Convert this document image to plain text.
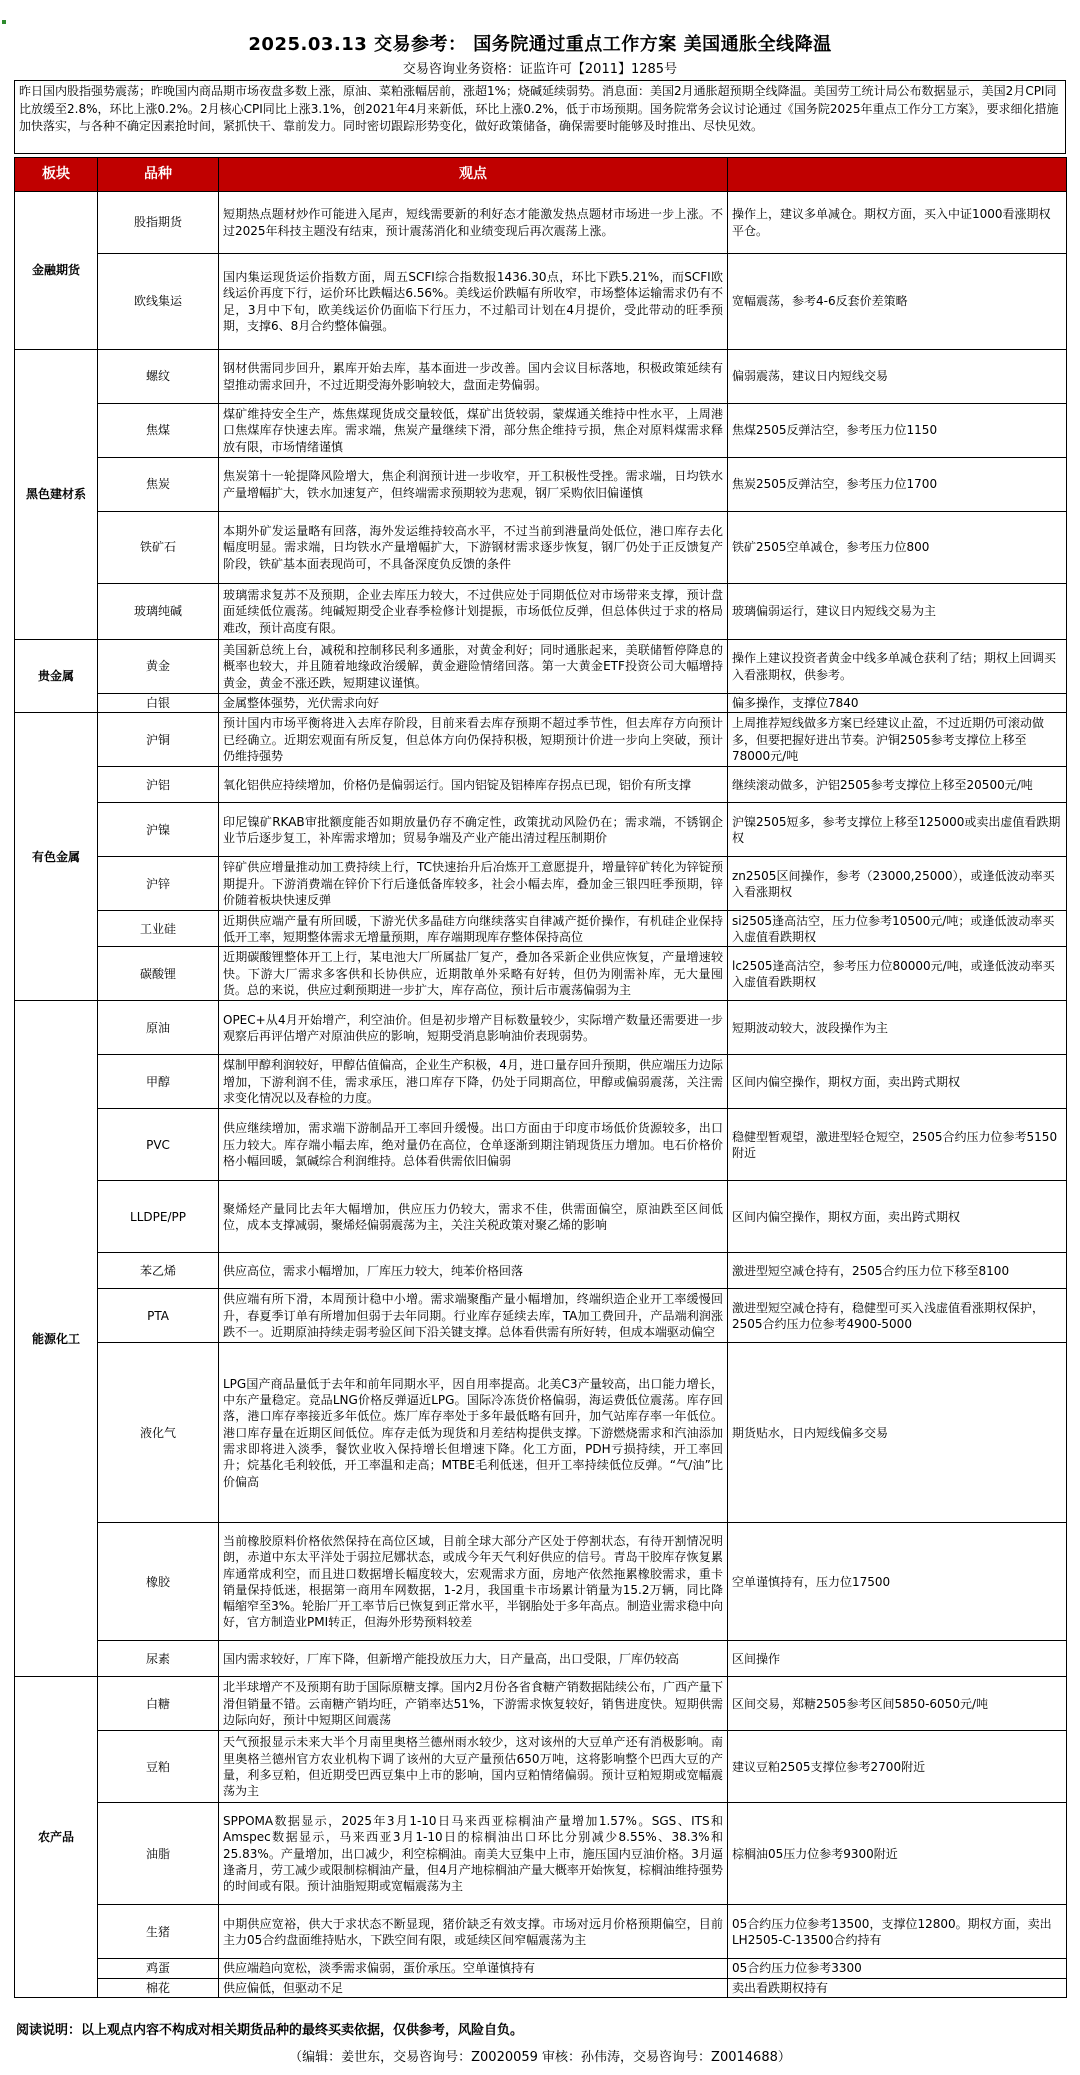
2025.03.13 交易参考： 国务院通过重点工作方案 美国通胀全线降温
交易咨询业务资格：证监许可【2011】1285号
昨日国内股指强势震荡；昨晚国内商品期市场夜盘多数上涨，原油、菜粕涨幅居前，涨超1%；烧碱延续弱势。消息面：美国2月通胀超预期全线降温。美国劳工统计局公布数据显示，美国2月CPI同比放缓至2.8%，环比上涨0.2%。2月核心CPI同比上涨3.1%，创2021年4月来新低，环比上涨0.2%，低于市场预期。国务院常务会议讨论通过《国务院2025年重点工作分工方案》，要求细化措施加快落实，与各种不确定因素抢时间，紧抓快干、靠前发力。同时密切跟踪形势变化，做好政策储备，确保需要时能够及时推出、尽快见效。
板块	品种	观点	
金融期货	股指期货	短期热点题材炒作可能进入尾声，短线需要新的利好态才能激发热点题材市场进一步上涨。不过2025年科技主题没有结束，预计震荡消化和业绩变现后再次震荡上涨。	操作上，建议多单减仓。期权方面，买入中证1000看涨期权平仓。
	欧线集运	国内集运现货运价指数方面，周五SCFI综合指数报1436.30点，环比下跌5.21%，而SCFI欧线运价再度下行，运价环比跌幅达6.56%。美线运价跌幅有所收窄，市场整体运输需求仍有不足，3月中下旬，欧美线运价仍面临下行压力，不过船司计划在4月提价，受此带动的旺季预期，支撑6、8月合约整体偏强。	宽幅震荡，参考4-6反套价差策略
黑色建材系	螺纹	钢材供需同步回升，累库开始去库，基本面进一步改善。国内会议目标落地，积极政策延续有望推动需求回升，不过近期受海外影响较大，盘面走势偏弱。	偏弱震荡，建议日内短线交易
	焦煤	煤矿维持安全生产，炼焦煤现货成交量较低，煤矿出货较弱，蒙煤通关维持中性水平，上周港口焦煤库存快速去库。需求端，焦炭产量继续下滑，部分焦企维持亏损，焦企对原料煤需求释放有限，市场情绪谨慎	焦煤2505反弹沽空，参考压力位1150
	焦炭	焦炭第十一轮提降风险增大，焦企利润预计进一步收窄，开工积极性受挫。需求端，日均铁水产量增幅扩大，铁水加速复产，但终端需求预期较为悲观，钢厂采购依旧偏谨慎	焦炭2505反弹沽空，参考压力位1700
	铁矿石	本期外矿发运量略有回落，海外发运维持较高水平，不过当前到港量尚处低位，港口库存去化幅度明显。需求端，日均铁水产量增幅扩大，下游钢材需求逐步恢复，钢厂仍处于正反馈复产阶段，铁矿基本面表现尚可，不具备深度负反馈的条件	铁矿2505空单减仓，参考压力位800
	玻璃纯碱	玻璃需求复苏不及预期，企业去库压力较大，不过供应处于同期低位对市场带来支撑，预计盘面延续低位震荡。纯碱短期受企业春季检修计划提振，市场低位反弹，但总体供过于求的格局难改，预计高度有限。	玻璃偏弱运行，建议日内短线交易为主
贵金属	黄金	美国新总统上台，减税和控制移民利多通胀，对黄金利好；同时通胀起来，美联储暂停降息的概率也较大，并且随着地缘政治缓解，黄金避险情绪回落。第一大黄金ETF投资公司大幅增持黄金，黄金不涨还跌，短期建议谨慎。	操作上建议投资者黄金中线多单减仓获利了结；期权上回调买入看涨期权，供参考。
	白银	金属整体强势，光伏需求向好	偏多操作，支撑位7840
有色金属	沪铜	预计国内市场平衡将进入去库存阶段，目前来看去库存预期不超过季节性，但去库存方向预计已经确立。近期宏观面有所反复，但总体方向仍保持积极，短期预计价进一步向上突破，预计仍维持强势	上周推荐短线做多方案已经建议止盈，不过近期仍可滚动做多，但要把握好进出节奏。沪铜2505参考支撑位上移至78000元/吨
	沪铝	氧化铝供应持续增加，价格仍是偏弱运行。国内铝锭及铝棒库存拐点已现，铝价有所支撑	继续滚动做多，沪铝2505参考支撑位上移至20500元/吨
	沪镍	印尼镍矿RKAB审批额度能否如期放量仍存不确定性，政策扰动风险仍在；需求端，不锈钢企业节后逐步复工，补库需求增加；贸易争端及产业产能出清过程压制期价	沪镍2505短多，参考支撑位上移至125000或卖出虚值看跌期权
	沪锌	锌矿供应增量推动加工费持续上行，TC快速抬升后冶炼开工意愿提升，增量锌矿转化为锌锭预期提升。下游消费端在锌价下行后逢低备库较多，社会小幅去库，叠加金三银四旺季预期，锌价随着板块快速反弹	zn2505区间操作，参考（23000,25000），或逢低波动率买入看涨期权
	工业硅	近期供应端产量有所回暖，下游光伏多晶硅方向继续落实自律减产挺价操作，有机硅企业保持低开工率，短期整体需求无增量预期，库存端期现库存整体保持高位	si2505逢高沽空，压力位参考10500元/吨；或逢低波动率买入虚值看跌期权
	碳酸锂	近期碳酸锂整体开工上行，某电池大厂所属盐厂复产，叠加各采新企业供应恢复，产量增速较快。下游大厂需求多客供和长协供应，近期散单外采略有好转，但仍为刚需补库，无大量囤货。总的来说，供应过剩预期进一步扩大，库存高位，预计后市震荡偏弱为主	lc2505逢高沽空，参考压力位80000元/吨，或逢低波动率买入虚值看跌期权
能源化工	原油	OPEC+从4月开始增产，利空油价。但是初步增产目标数量较少，实际增产数量还需要进一步观察后再评估增产对原油供应的影响，短期受消息影响油价表现弱势。	短期波动较大，波段操作为主
	甲醇	煤制甲醇利润较好，甲醇估值偏高，企业生产积极，4月，进口量存回升预期，供应端压力边际增加，下游利润不佳，需求承压，港口库存下降，仍处于同期高位，甲醇或偏弱震荡，关注需求变化情况以及春检的力度。	区间内偏空操作，期权方面，卖出跨式期权
	PVC	供应继续增加，需求端下游制品开工率回升缓慢。出口方面由于印度市场低价货源较多，出口压力较大。库存端小幅去库，绝对量仍在高位，仓单逐渐到期注销现货压力增加。电石价格价格小幅回暖，氯碱综合利润维持。总体看供需依旧偏弱	稳健型暂观望，激进型轻仓短空，2505合约压力位参考5150附近
	LLDPE/PP	聚烯烃产量同比去年大幅增加，供应压力仍较大，需求不佳，供需面偏空，原油跌至区间低位，成本支撑减弱，聚烯烃偏弱震荡为主，关注关税政策对聚乙烯的影响	区间内偏空操作，期权方面，卖出跨式期权
	苯乙烯	供应高位，需求小幅增加，厂库压力较大，纯苯价格回落	激进型短空减仓持有，2505合约压力位下移至8100
	PTA	供应端有所下滑，本周预计稳中小增。需求端聚酯产量小幅增加，终端织造企业开工率缓慢回升，春夏季订单有所增加但弱于去年同期。行业库存延续去库，TA加工费回升，产品端利润涨跌不一。近期原油持续走弱考验区间下沿关键支撑。总体看供需有所好转，但成本端驱动偏空	激进型短空减仓持有，稳健型可买入浅虚值看涨期权保护，2505合约压力位参考4900-5000
	液化气	LPG国产商品量低于去年和前年同期水平，因自用率提高。北美C3产量较高，出口能力增长，中东产量稳定。竞品LNG价格反弹逼近LPG。国际冷冻货价格偏弱，海运费低位震荡。库存回落，港口库存率接近多年低位。炼厂库存率处于多年最低略有回升，加气站库存率一年低位。港口库存量在近期区间低位。库存走低为现货和月差结构提供支撑。下游燃烧需求和汽油添加需求即将进入淡季，餐饮业收入保持增长但增速下降。化工方面，PDH亏损持续，开工率回升；烷基化毛利较低，开工率温和走高；MTBE毛利低迷，但开工率持续低位反弹。“气/油”比价偏高	期货贴水，日内短线偏多交易
	橡胶	当前橡胶原料价格依然保持在高位区域，目前全球大部分产区处于停割状态，有待开割情况明朗，赤道中东太平洋处于弱拉尼娜状态，或成今年天气利好供应的信号。青岛干胶库存恢复累库通常成利空，而且进口数据增长幅度较大，宏观需求方面，房地产依然拖累橡胶需求，重卡销量保持低迷，根据第一商用车网数据，1-2月，我国重卡市场累计销量为15.2万辆，同比降幅缩窄至3%。轮胎厂开工率节后已恢复到正常水平，半钢胎处于多年高点。制造业需求稳中向好，官方制造业PMI转正，但海外形势预料较差	空单谨慎持有，压力位17500
	尿素	国内需求较好，厂库下降，但新增产能投放压力大，日产量高，出口受限，厂库仍较高	区间操作
农产品	白糖	北半球增产不及预期有助于国际原糖支撑。国内2月份各省食糖产销数据陆续公布，广西产量下滑但销量不错。云南糖产销均旺，产销率达51%，下游需求恢复较好，销售进度快。短期供需边际向好，预计中短期区间震荡	区间交易，郑糖2505参考区间5850-6050元/吨
	豆粕	天气预报显示未来大半个月南里奥格兰德州雨水较少，这对该州的大豆单产还有消极影响。南里奥格兰德州官方农业机构下调了该州的大豆产量预估650万吨，这将影响整个巴西大豆的产量，利多豆粕，但近期受巴西豆集中上市的影响，国内豆粕情绪偏弱。预计豆粕短期或宽幅震荡为主	建议豆粕2505支撑位参考2700附近
	油脂	SPPOMA数据显示，2025年3月1-10日马来西亚棕榈油产量增加1.57%。SGS、ITS和Amspec数据显示，马来西亚3月1-10日的棕榈油出口环比分别减少8.55%、38.3%和25.83%。产量增加，出口减少，利空棕榈油。南美大豆集中上市，施压国内豆油价格。3月逼逢斋月，劳工减少或限制棕榈油产量，但4月产地棕榈油产量大概率开始恢复，棕榈油维持强势的时间或有限。预计油脂短期或宽幅震荡为主	棕榈油05压力位参考9300附近
	生猪	中期供应宽裕，供大于求状态不断显现，猪价缺乏有效支撑。市场对远月价格预期偏空，目前主力05合约盘面维持贴水，下跌空间有限，或延续区间窄幅震荡为主	05合约压力位参考13500，支撑位12800。期权方面，卖出LH2505-C-13500合约持有
	鸡蛋	供应端趋向宽松，淡季需求偏弱，蛋价承压。空单谨慎持有	05合约压力位参考3300
	棉花	供应偏低，但驱动不足	卖出看跌期权持有
阅读说明：以上观点内容不构成对相关期货品种的最终买卖依据，仅供参考，风险自负。
（编辑：姜世东，交易咨询号：Z0020059 审核：孙伟涛，交易咨询号：Z0014688）
